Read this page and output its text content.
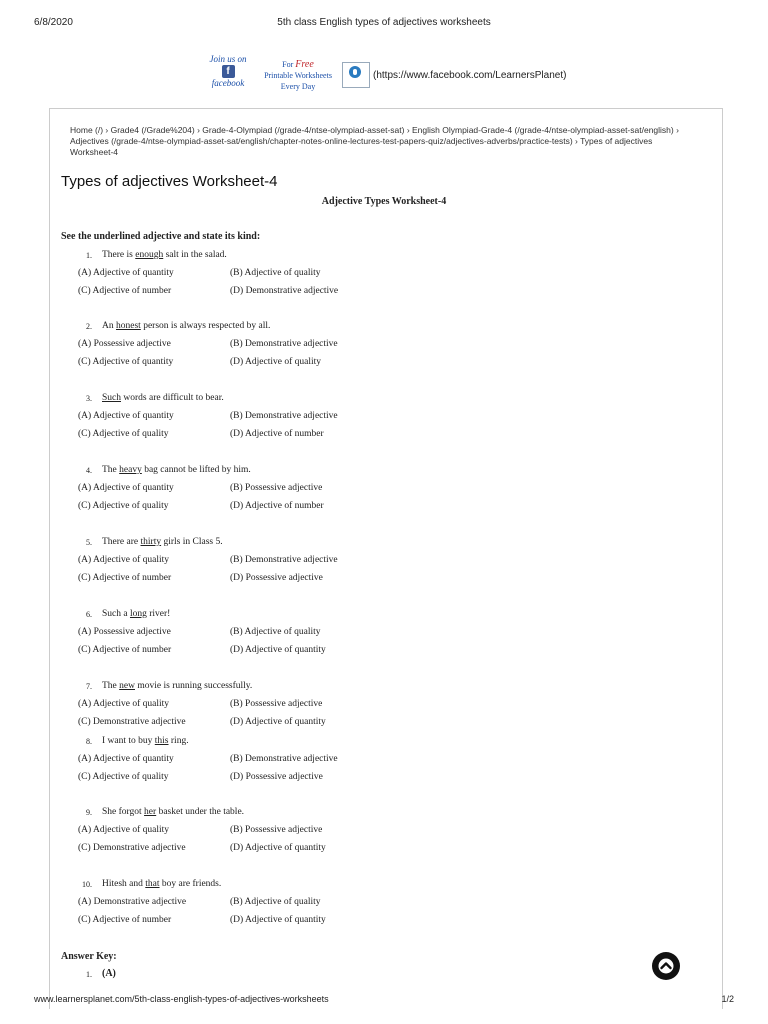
6/8/2020	5th class English types of adjectives worksheets
Join us on
f
facebook
For Free
Printable Worksheets
Every Day
(https://www.facebook.com/LearnersPlanet)
Home (/) › Grade4 (/Grade%204) › Grade-4-Olympiad (/grade-4/ntse-olympiad-asset-sat) › English Olympiad-Grade-4 (/grade-4/ntse-olympiad-asset-sat/english) › Adjectives (/grade-4/ntse-olympiad-asset-sat/english/chapter-notes-online-lectures-test-papers-quiz/adjectives-adverbs/practice-tests) › Types of adjectives Worksheet-4
Types of adjectives Worksheet-4
Adjective Types Worksheet-4
See the underlined adjective and state its kind:
1. There is enough salt in the salad.
(A) Adjective of quantity	(B) Adjective of quality
(C) Adjective of number	(D) Demonstrative adjective
2. An honest person is always respected by all.
(A) Possessive adjective	(B) Demonstrative adjective
(C) Adjective of quantity	(D) Adjective of quality
3. Such words are difficult to bear.
(A) Adjective of quantity	(B) Demonstrative adjective
(C) Adjective of quality	(D) Adjective of number
4. The heavy bag cannot be lifted by him.
(A) Adjective of quantity	(B) Possessive adjective
(C) Adjective of quality	(D) Adjective of number
5. There are thirty girls in Class 5.
(A) Adjective of quality	(B) Demonstrative adjective
(C) Adjective of number	(D) Possessive adjective
6. Such a long river!
(A) Possessive adjective	(B) Adjective of quality
(C) Adjective of number	(D) Adjective of quantity
7. The new movie is running successfully.
(A) Adjective of quality	(B) Possessive adjective
(C) Demonstrative adjective	(D) Adjective of quantity
8. I want to buy this ring.
(A) Adjective of quantity	(B) Demonstrative adjective
(C) Adjective of quality	(D) Possessive adjective
9. She forgot her basket under the table.
(A) Adjective of quality	(B) Possessive adjective
(C) Demonstrative adjective	(D) Adjective of quantity
10. Hitesh and that boy are friends.
(A) Demonstrative adjective	(B) Adjective of quality
(C) Adjective of number	(D) Adjective of quantity
Answer Key:
1. (A)
www.learnersplanet.com/5th-class-english-types-of-adjectives-worksheets	1/2
